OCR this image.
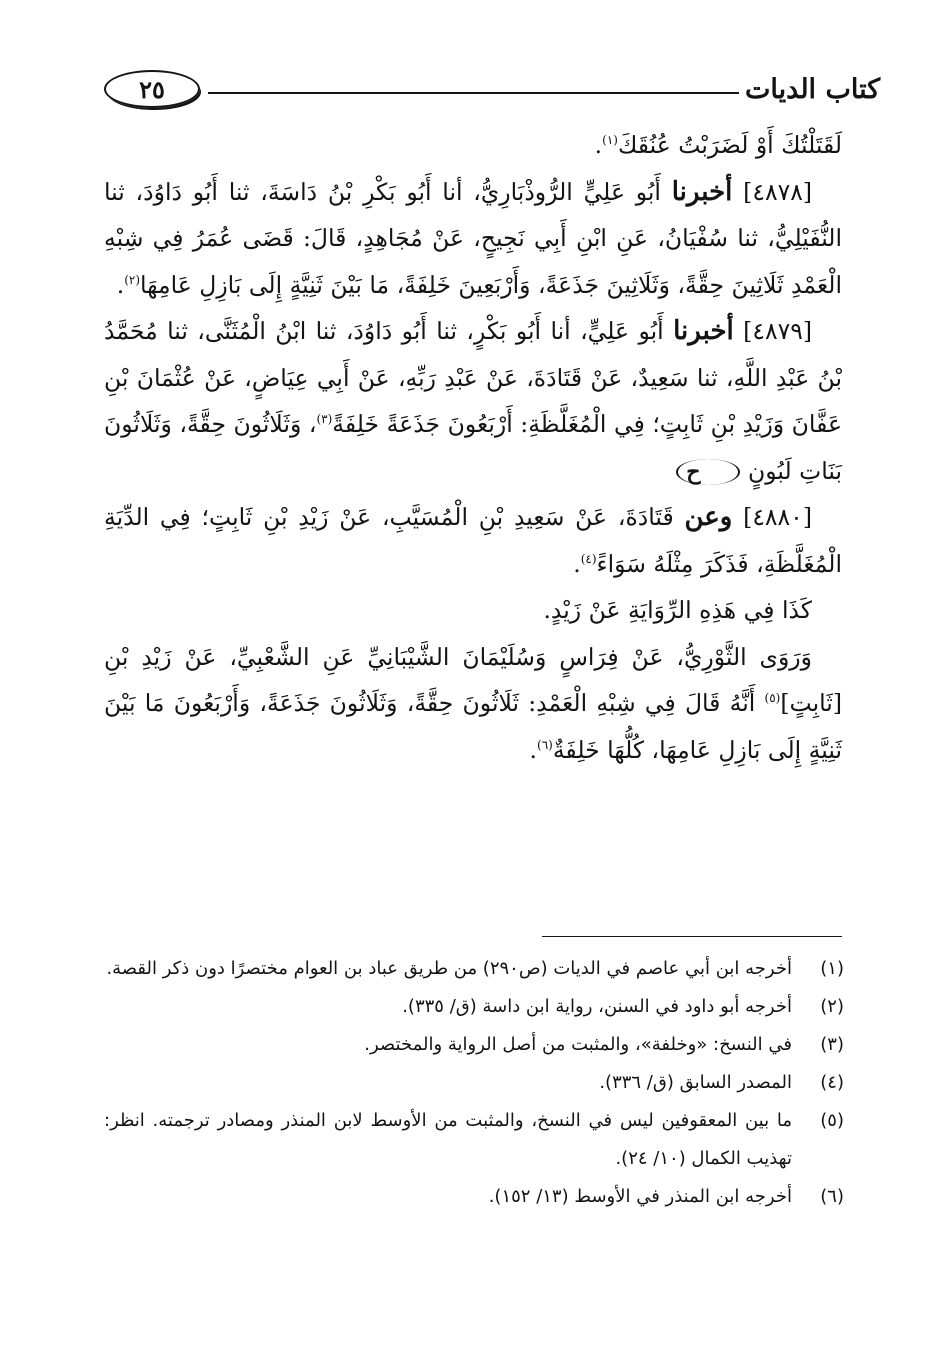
٢٥	كتاب الديات

لَقَتَلْتُكَ أَوْ لَضَرَبْتُ عُنُقَكَ$^{(١)}$.

[٤٨٧٨] أخبرنا أَبُو عَلِيٍّ الرُّوذْبَارِيُّ، أنا أَبُو بَكْرِ بْنُ دَاسَةَ، ثنا أَبُو دَاوُدَ، ثنا النُّفَيْلِيُّ، ثنا سُفْيَانُ، عَنِ ابْنِ أَبِي نَجِيحٍ، عَنْ مُجَاهِدٍ، قَالَ: قَضَى عُمَرُ فِي شِبْهِ الْعَمْدِ ثَلَاثِينَ حِقَّةً، وَثَلَاثِينَ جَذَعَةً، وَأَرْبَعِينَ خَلِفَةً، مَا بَيْنَ ثَنِيَّةٍ إِلَى بَازِلِ عَامِهَا$^{(٢)}$.

[٤٨٧٩] أخبرنا أَبُو عَلِيٍّ، أنا أَبُو بَكْرٍ، ثنا أَبُو دَاوُدَ، ثنا ابْنُ الْمُثَنَّى، ثنا مُحَمَّدُ بْنُ عَبْدِ اللَّهِ، ثنا سَعِيدٌ، عَنْ قَتَادَةَ، عَنْ عَبْدِ رَبِّهِ، عَنْ أَبِي عِيَاضٍ، عَنْ عُثْمَانَ بْنِ عَفَّانَ وَزَيْدِ بْنِ ثَابِتٍ؛ فِي الْمُغَلَّظَةِ: أَرْبَعُونَ جَذَعَةً خَلِفَةً$^{(٣)}$، وَثَلَاثُونَ حِقَّةً، وَثَلَاثُونَ بَنَاتِ لَبُونٍ ح

[٤٨٨٠] وعن قَتَادَةَ، عَنْ سَعِيدِ بْنِ الْمُسَيَّبِ، عَنْ زَيْدِ بْنِ ثَابِتٍ؛ فِي الدِّيَةِ الْمُغَلَّظَةِ، فَذَكَرَ مِثْلَهُ سَوَاءً$^{(٤)}$.

كَذَا فِي هَذِهِ الرِّوَايَةِ عَنْ زَيْدٍ.

وَرَوَى الثَّوْرِيُّ، عَنْ فِرَاسٍ وَسُلَيْمَانَ الشَّيْبَانِيِّ عَنِ الشَّعْبِيِّ، عَنْ زَيْدِ بْنِ [ثَابِتٍ]$^{(٥)}$ أَنَّهُ قَالَ فِي شِبْهِ الْعَمْدِ: ثَلَاثُونَ حِقَّةً، وَثَلَاثُونَ جَذَعَةً، وَأَرْبَعُونَ مَا بَيْنَ ثَنِيَّةٍ إِلَى بَازِلِ عَامِهَا، كُلُّهَا خَلِفَةٌ$^{(٦)}$.

(١)
أخرجه ابن أبي عاصم في الديات (ص٢٩٠) من طريق عباد بن العوام مختصرًا دون ذكر القصة.
(٢)
أخرجه أبو داود في السنن، رواية ابن داسة (ق/ ٣٣٥).
(٣)
في النسخ: «وخلفة»، والمثبت من أصل الرواية والمختصر.
(٤)
المصدر السابق (ق/ ٣٣٦).
(٥)
ما بين المعقوفين ليس في النسخ، والمثبت من الأوسط لابن المنذر ومصادر ترجمته. انظر: تهذيب الكمال (١٠/ ٢٤).
(٦)
أخرجه ابن المنذر في الأوسط (١٣/ ١٥٢).
